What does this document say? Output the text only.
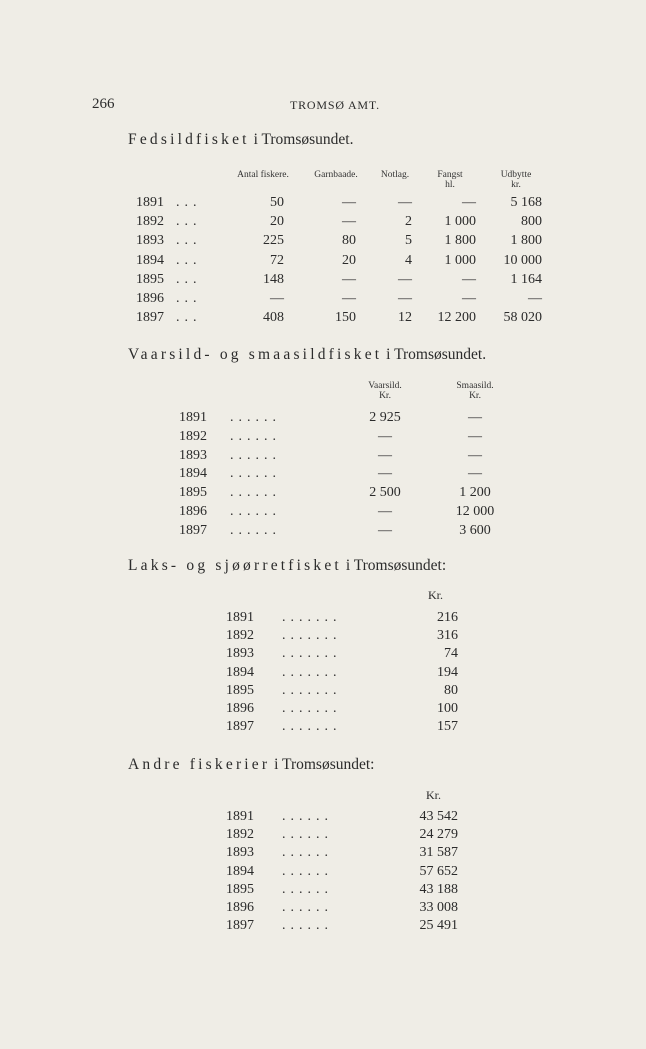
266	TROMSØ AMT.
Fedsildfisket i Tromsøsundet.
Antal fiskere.	Garnbaade.	Notlag.	Fangst
hl.
Udbytte
kr.
1891 ...	50	—	—	—	5 168
1892 ...	20	—	2	1 000	800
1893 ...	225	80	5	1 800	1 800
1894 ...	72	20	4	1 000	10 000
1895 ...	148	—	—	—	1 164
1896 ...	—	—	—	—	—
1897 ...	408	150	12	12 200	58 020
Vaarsild- og smaasildfisket i Tromsøsundet.
Vaarsild.
Kr.
Smaasild.
Kr.
1891 ......	2 925	—
1892 ......	—	—
1893 ......	—	—
1894 ......	—	—
1895 ......	2 500	1 200
1896 ......	—	12 000
1897 ......	—	3 600
Laks- og sjøørretfisket i Tromsøsundet:
Kr.
1891 .......	216
1892 .......	316
1893 .......	74
1894 .......	194
1895 .......	80
1896 .......	100
1897 .......	157
Andre fiskerier i Tromsøsundet:
Kr.
1891 ......	43 542
1892 ......	24 279
1893 ......	31 587
1894 ......	57 652
1895 ......	43 188
1896 ......	33 008
1897 ......	25 491
